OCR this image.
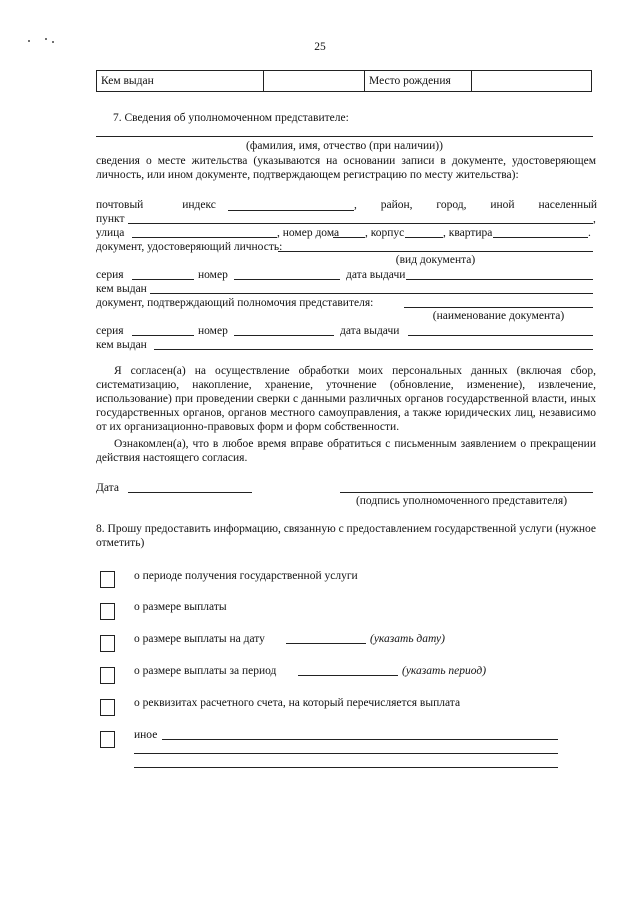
25
Кем выдан		Место рождения	
7. Сведения об уполномоченном представителе:
(фамилия, имя, отчество (при наличии))
сведения о месте жительства (указываются на основании записи в документе, удостоверяющем личность, или ином документе, подтверждающем регистрацию по месту жительства):
почтовый индекс	, район, город, иной населенный
пункт	,
улица	, номер дома , корпус	, квартира	.
документ, удостоверяющий личность:
(вид документа)
серия	номер	дата выдачи
кем выдан
документ, подтверждающий полномочия представителя:
(наименование документа)
серия	номер	дата выдачи
кем выдан
Я согласен(а) на осуществление обработки моих персональных данных (включая сбор, систематизацию, накопление, хранение, уточнение (обновление, изменение), извлечение, использование) при проведении сверки с данными различных органов государственной власти, иных государственных органов, органов местного самоуправления, а также юридических лиц, независимо от их организационно-правовых форм и форм собственности.
Ознакомлен(а), что в любое время вправе обратиться с письменным заявлением о прекращении действия настоящего согласия.
Дата
(подпись уполномоченного представителя)
8. Прошу предоставить информацию, связанную с предоставлением государственной услуги (нужное отметить)
о периоде получения государственной услуги
о размере выплаты
о размере выплаты на дату	(указать дату)
о размере выплаты за период	(указать период)
о реквизитах расчетного счета, на который перечисляется выплата
иное
